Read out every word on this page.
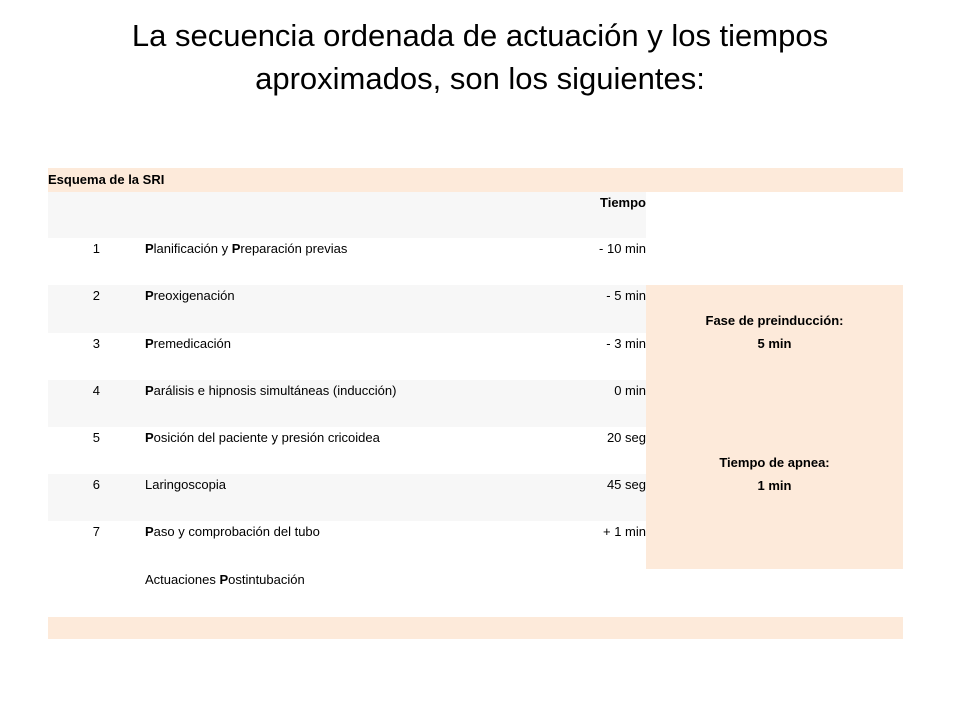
La secuencia ordenada de actuación y los tiempos
aproximados, son los siguientes:
Esquema de la SRI
Tiempo
1	Planificación y Preparación previas	- 10 min
2	Preoxigenación	- 5 min
3	Premedicación	- 3 min
4	Parálisis e hipnosis simultáneas (inducción)	0 min
5	Posición del paciente y presión cricoidea	20 seg
6	Laringoscopia	45 seg
7	Paso y comprobación del tubo	+ 1 min
Actuaciones Postintubación
Fase de preinducción:
5 min
Tiempo de apnea:
1 min
